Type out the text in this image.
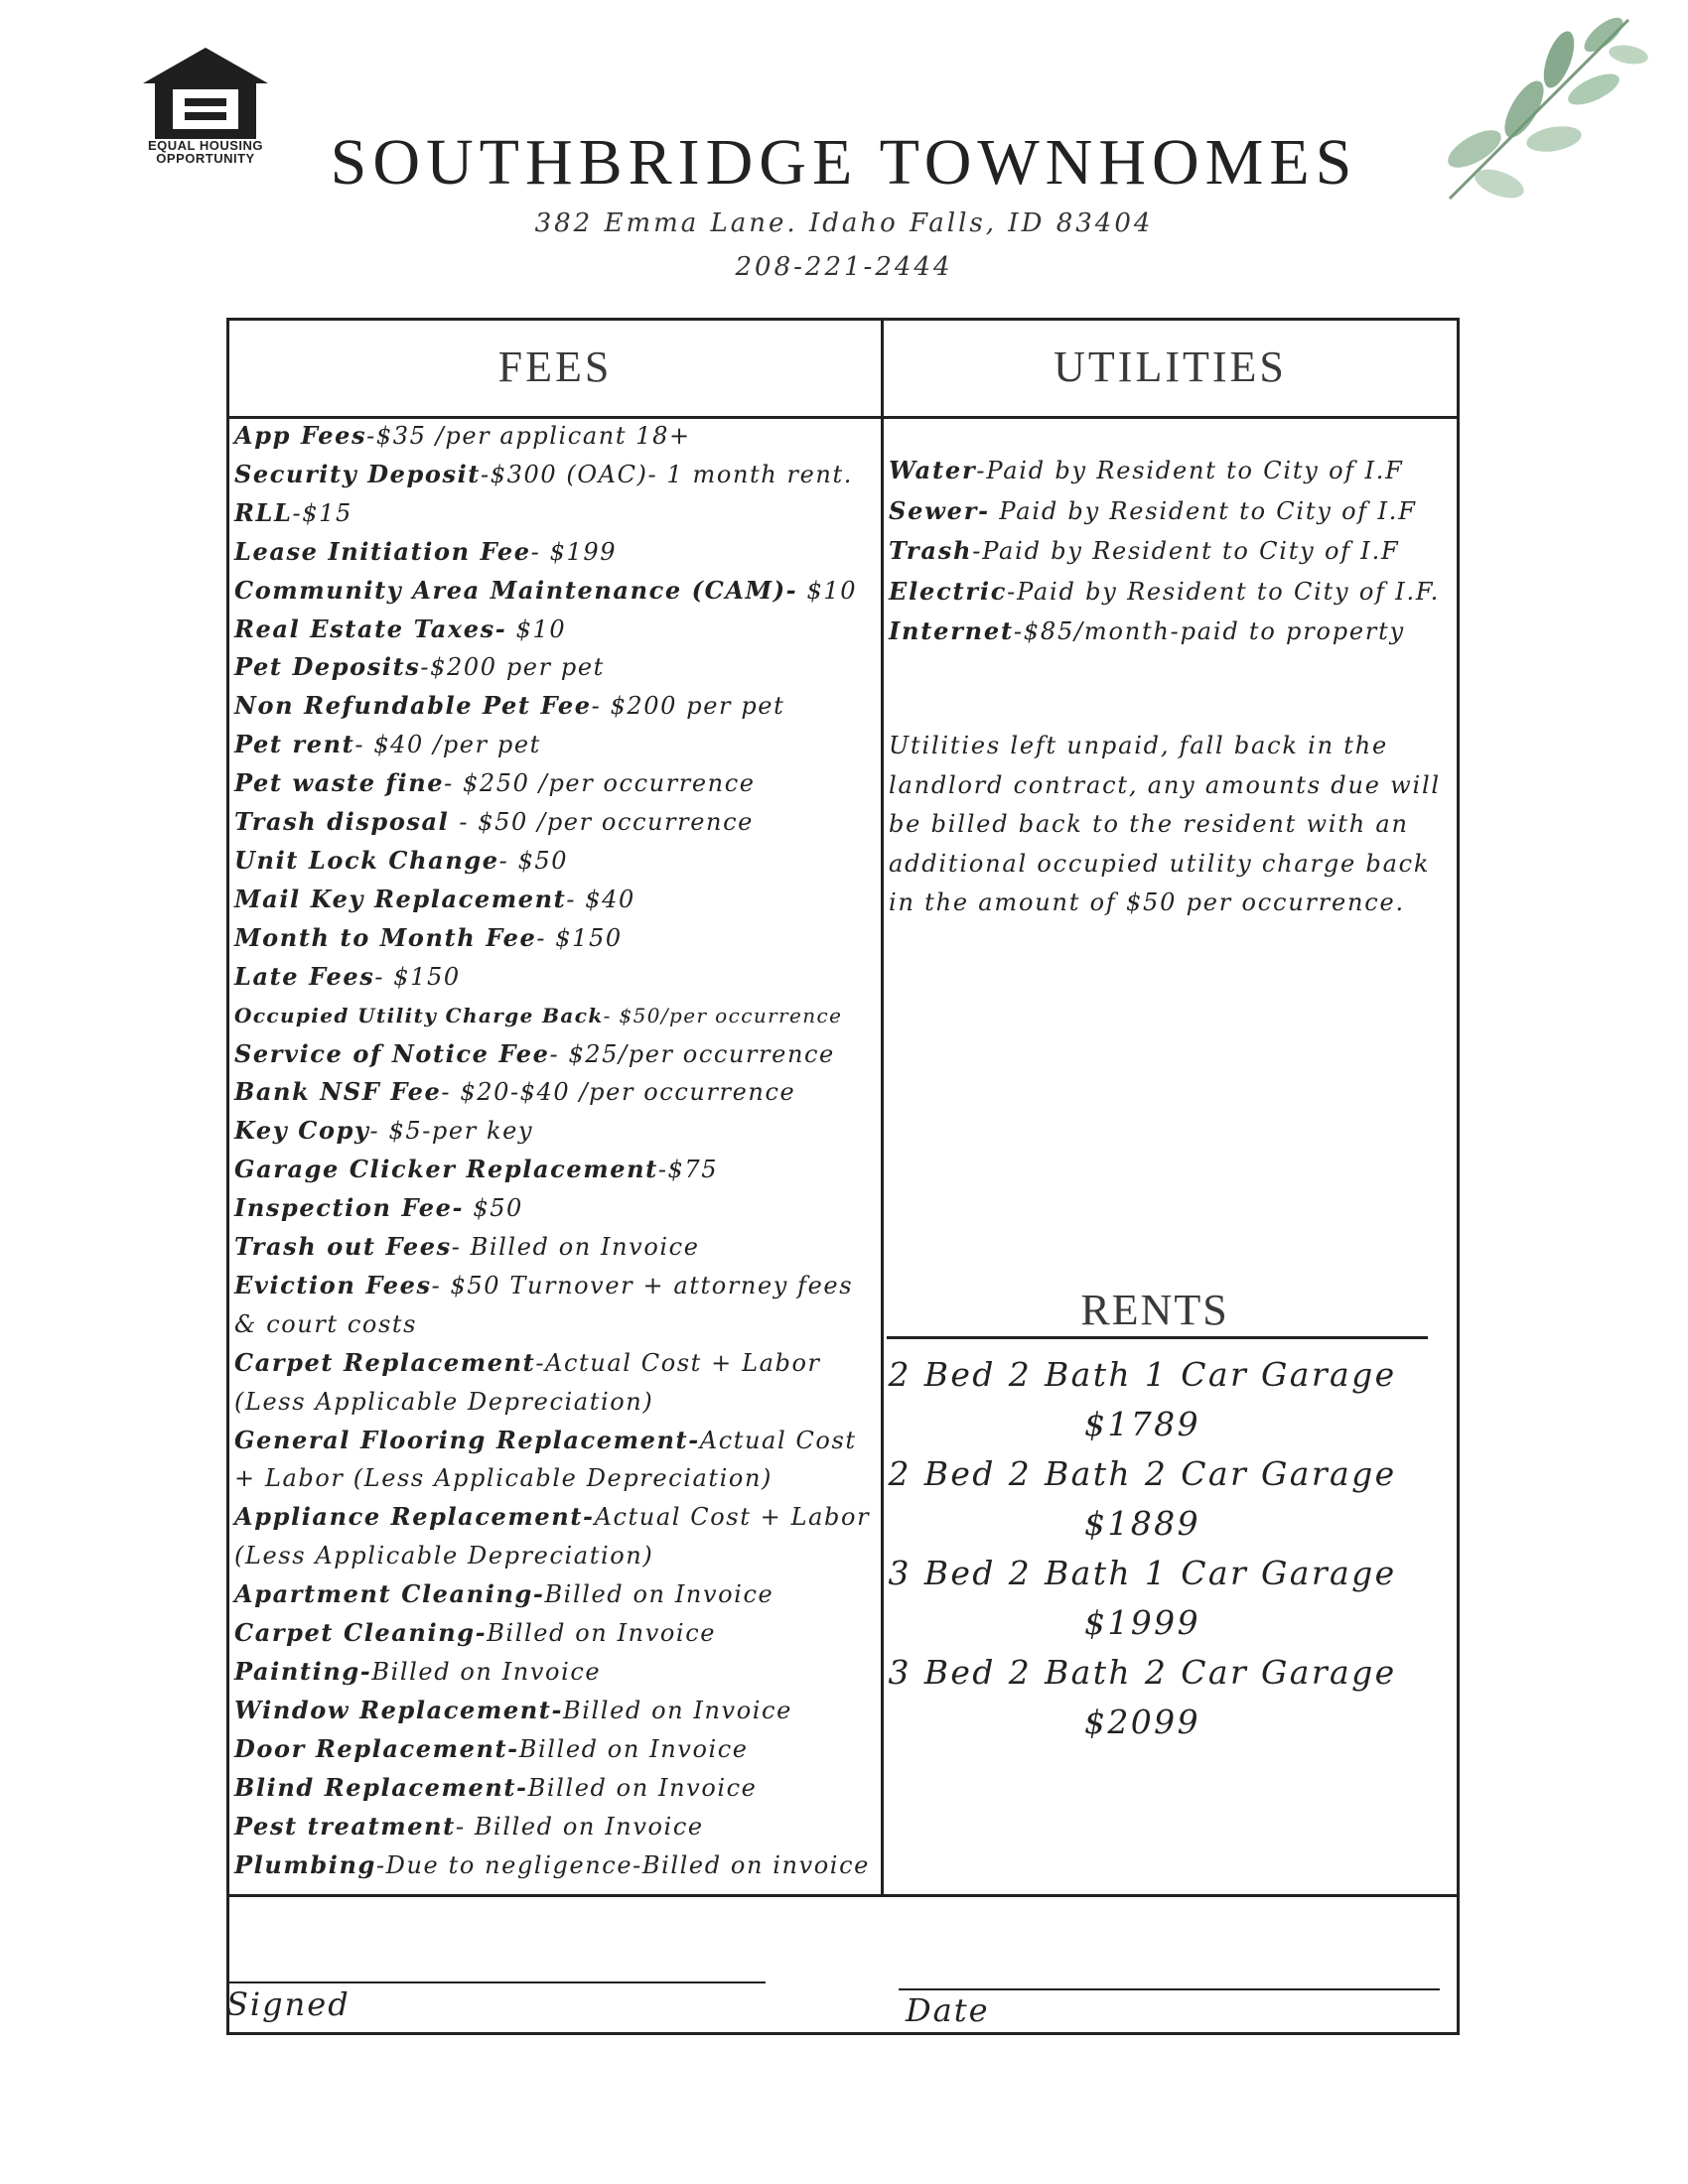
EQUAL HOUSING
OPPORTUNITY	SOUTHBRIDGE TOWNHOMES
382 Emma Lane. Idaho Falls, ID 83404
208-221-2444
FEES	UTILITIES
App Fees-$35 /per applicant 18+
Security Deposit-$300 (OAC)- 1 month rent.
RLL-$15
Lease Initiation Fee- $199
Community Area Maintenance (CAM)- $10
Real Estate Taxes- $10
Pet Deposits-$200 per pet
Non Refundable Pet Fee- $200 per pet
Pet rent- $40 /per pet
Pet waste fine- $250 /per occurrence
Trash disposal - $50 /per occurrence
Unit Lock Change- $50
Mail Key Replacement- $40
Month to Month Fee- $150
Late Fees- $150
Occupied Utility Charge Back- $50/per occurrence
Service of Notice Fee- $25/per occurrence
Bank NSF Fee- $20-$40 /per occurrence
Key Copy- $5-per key
Garage Clicker Replacement-$75
Inspection Fee- $50
Trash out Fees- Billed on Invoice
Eviction Fees- $50 Turnover + attorney fees & court costs
Carpet Replacement-Actual Cost + Labor (Less Applicable Depreciation)
General Flooring Replacement-Actual Cost + Labor (Less Applicable Depreciation)
Appliance Replacement-Actual Cost + Labor (Less Applicable Depreciation)
Apartment Cleaning-Billed on Invoice
Carpet Cleaning-Billed on Invoice
Painting-Billed on Invoice
Window Replacement-Billed on Invoice
Door Replacement-Billed on Invoice
Blind Replacement-Billed on Invoice
Pest treatment- Billed on Invoice
Plumbing-Due to negligence-Billed on invoice
Water-Paid by Resident to City of I.F
Sewer- Paid by Resident to City of I.F
Trash-Paid by Resident to City of I.F
Electric-Paid by Resident to City of I.F.
Internet-$85/month-paid to property

Utilities left unpaid, fall back in the landlord contract, any amounts due will be billed back to the resident with an additional occupied utility charge back in the amount of $50 per occurrence.

RENTS
2 Bed 2 Bath 1 Car Garage
$1789
2 Bed 2 Bath 2 Car Garage
$1889
3 Bed 2 Bath 1 Car Garage
$1999
3 Bed 2 Bath 2 Car Garage
$2099
Signed	Date
